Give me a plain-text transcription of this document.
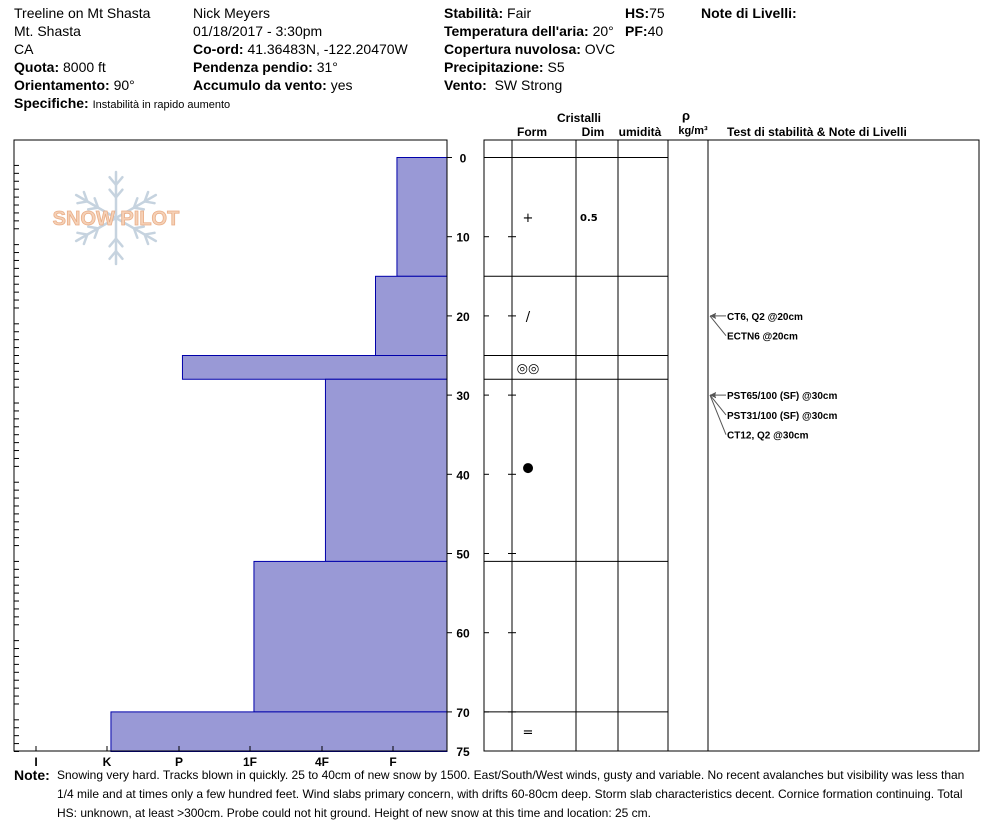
Treeline on Mt Shasta
Mt. Shasta
CA
Quota: 8000 ft
Orientamento: 90°
Specifiche: Instabilità in rapido aumento
Nick Meyers
01/18/2017 - 3:30pm
Co-ord: 41.36483N, -122.20470W
Pendenza pendio: 31°
Accumulo da vento: yes
Stabilità: Fair
Temperatura dell'aria: 20°
Copertura nuvolosa: OVC
Precipitazione: S5
Vento: SW Strong
HS:75
PF:40
Note di Livelli:
SNOW PILOT
0
10
20
30
40
50
60
70
75
I	K	P	1F	4F	F
+	0.5
/
◎◎
●
=
CT6, Q2 @20cm
ECTN6 @20cm
PST65/100 (SF) @30cm
PST31/100 (SF) @30cm
CT12, Q2 @30cm
Cristalli
Form	Dim umidità
ρ
kg/m³ Test di stabilità & Note di Livelli
Note: Snowing very hard. Tracks blown in quickly. 25 to 40cm of new snow by 1500. East/South/West winds, gusty and variable. No recent avalanches but visibility was less than 1/4 mile and at times only a few hundred feet. Wind slabs primary concern, with drifts 60-80cm deep. Storm slab characteristics decent. Cornice formation continuing. Total HS: unknown, at least >300cm. Probe could not hit ground. Height of new snow at this time and location: 25 cm.
